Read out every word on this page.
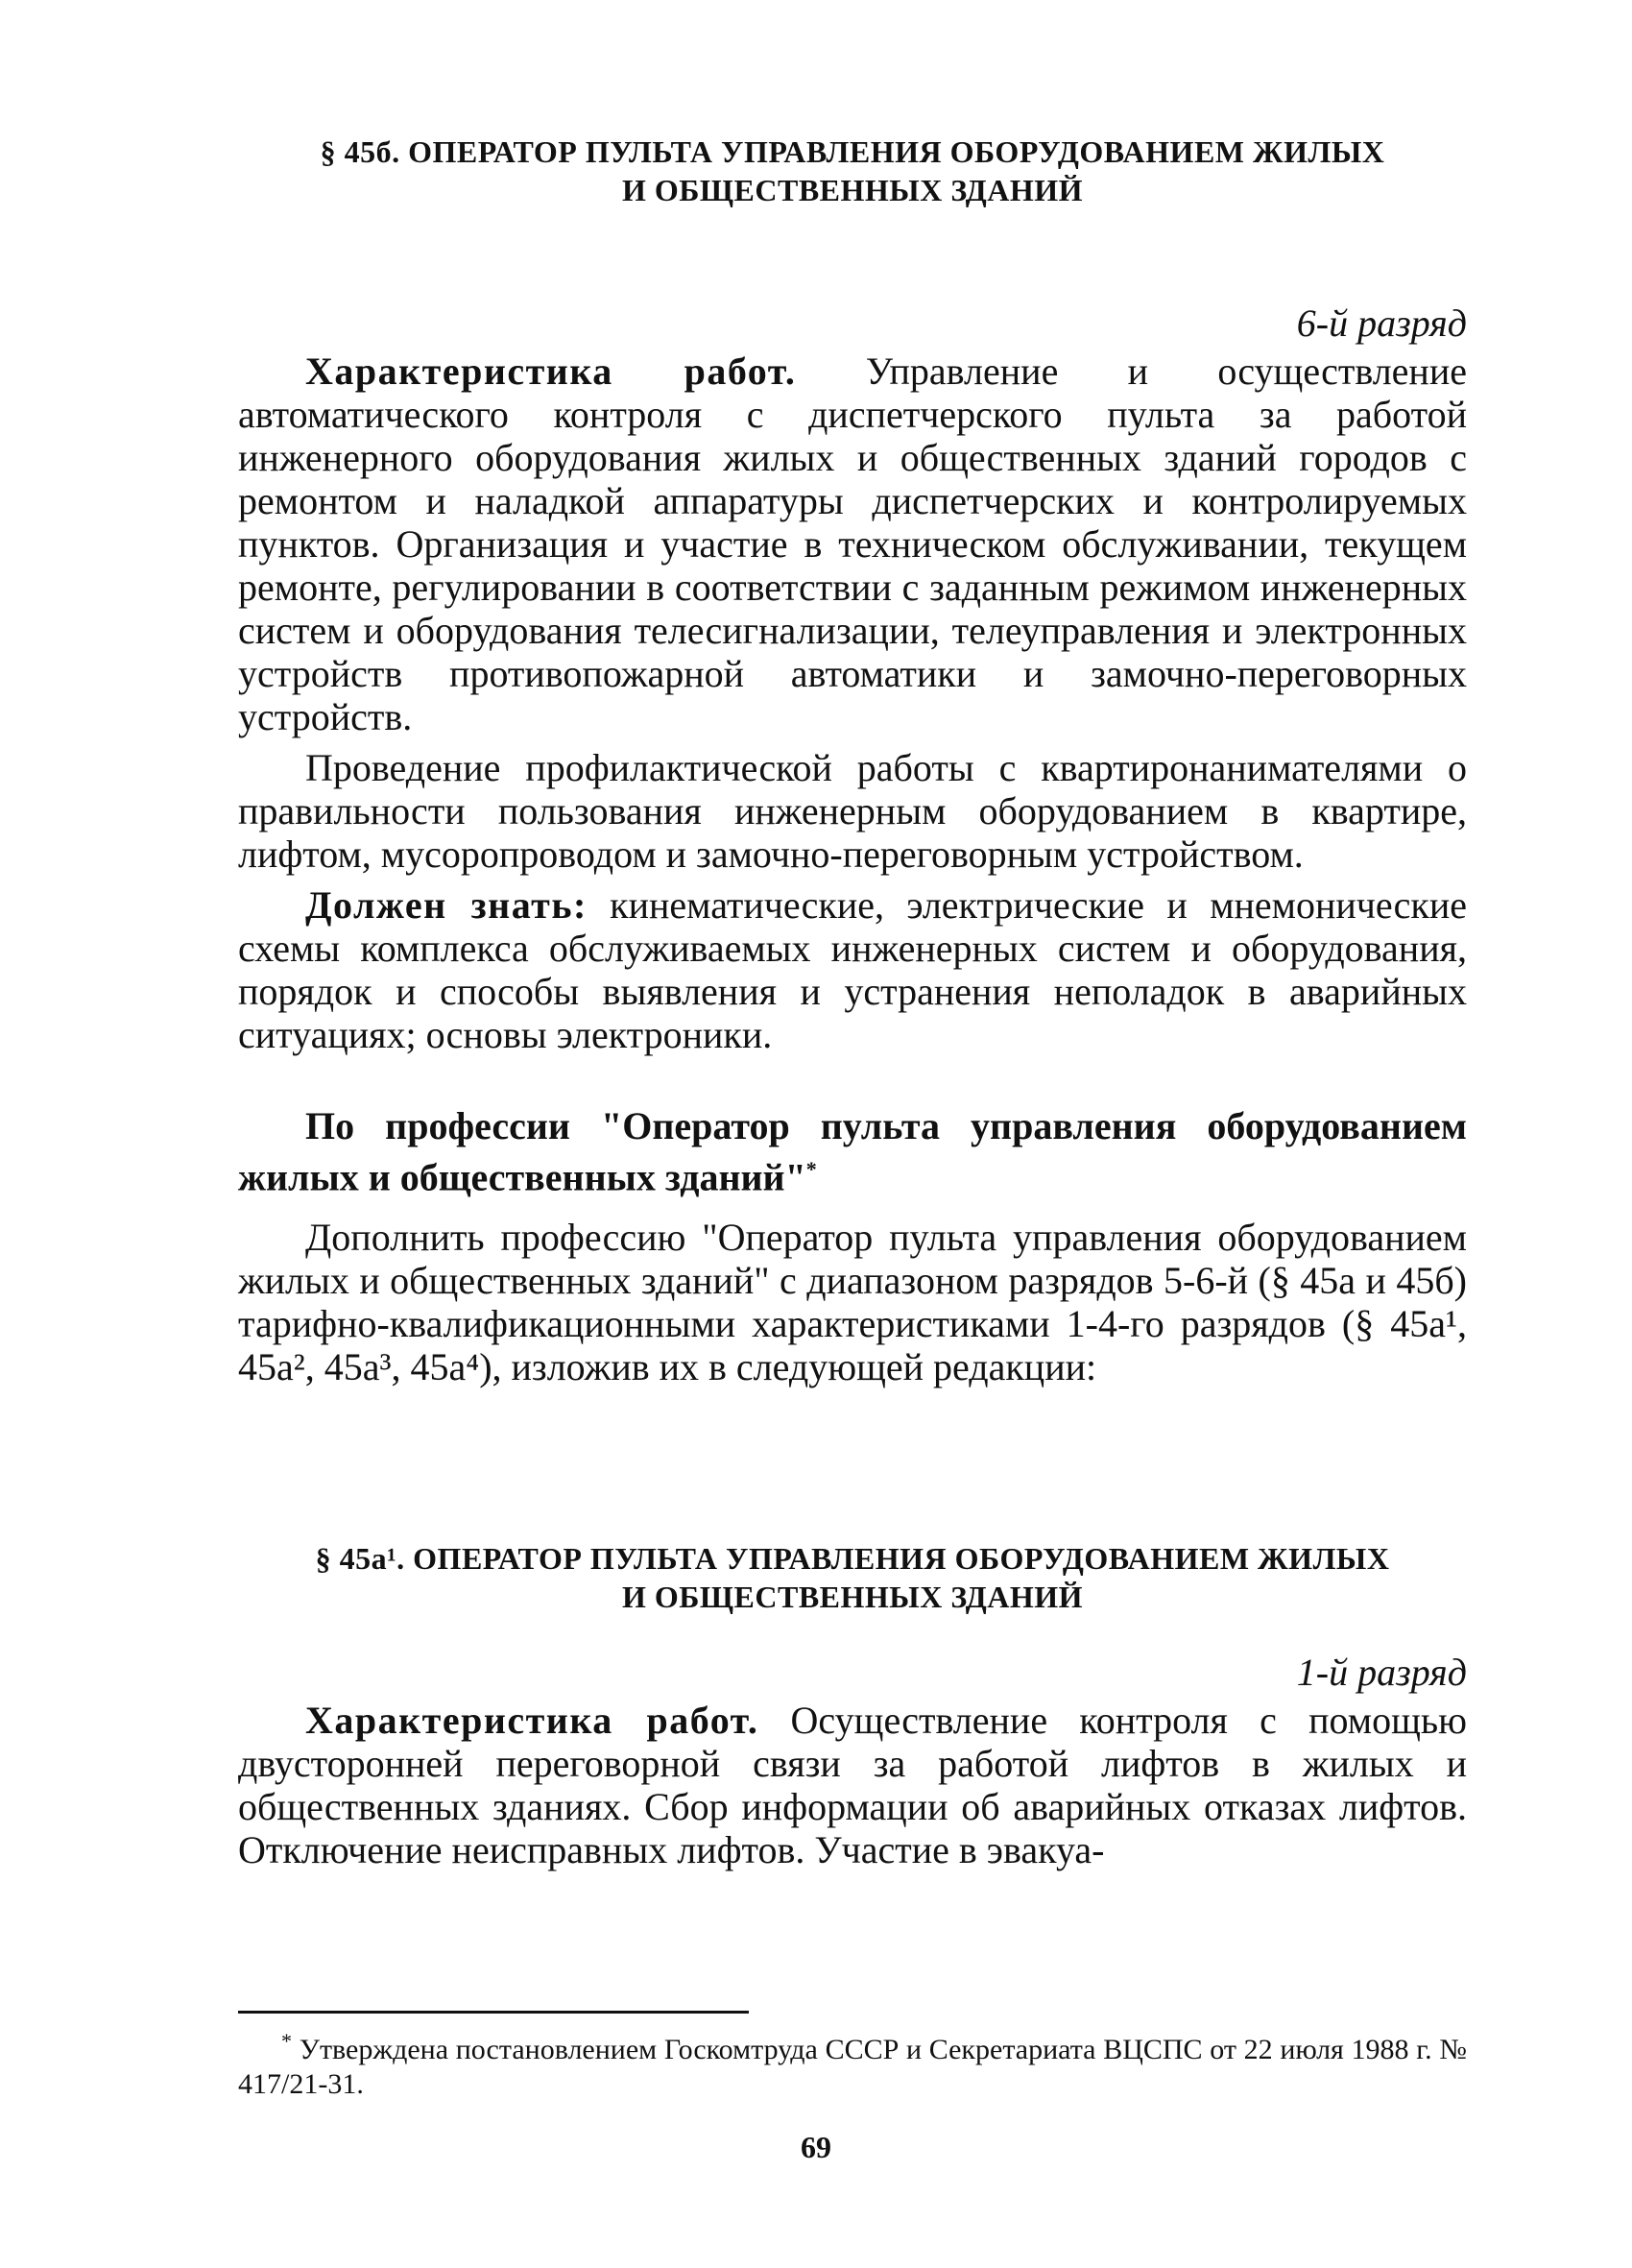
§ 45б. ОПЕРАТОР ПУЛЬТА УПРАВЛЕНИЯ ОБОРУДОВАНИЕМ ЖИЛЫХ
И ОБЩЕСТВЕННЫХ ЗДАНИЙ
6-й разряд

Характеристика работ. Управление и осуществление автоматического контроля с диспетчерского пульта за работой инженерного оборудования жилых и общественных зданий городов с ремонтом и наладкой аппаратуры диспетчерских и контролируемых пунктов. Организация и участие в техническом обслуживании, текущем ремонте, регулировании в соответствии с заданным режимом инженерных систем и оборудования телесигнализации, телеуправления и электронных устройств противопожарной автоматики и замочно-переговорных устройств.

Проведение профилактической работы с квартиронанимателями о правильности пользования инженерным оборудованием в квартире, лифтом, мусоропроводом и замочно-переговорным устройством.

Должен знать: кинематические, электрические и мнемонические схемы комплекса обслуживаемых инженерных систем и оборудования, порядок и способы выявления и устранения неполадок в аварийных ситуациях; основы электроники.

По профессии "Оператор пульта управления оборудованием жилых и общественных зданий"*

Дополнить профессию "Оператор пульта управления оборудованием жилых и общественных зданий" с диапазоном разрядов 5-6-й (§ 45а и 45б) тарифно-квалификационными характеристиками 1-4-го разрядов (§ 45а¹, 45а², 45а³, 45а⁴), изложив их в следующей редакции:

§ 45а¹. ОПЕРАТОР ПУЛЬТА УПРАВЛЕНИЯ ОБОРУДОВАНИЕМ ЖИЛЫХ
И ОБЩЕСТВЕННЫХ ЗДАНИЙ
1-й разряд

Характеристика работ. Осуществление контроля с помощью двусторонней переговорной связи за работой лифтов в жилых и общественных зданиях. Сбор информации об аварийных отказах лифтов. Отключение неисправных лифтов. Участие в эвакуа-

* Утверждена постановлением Госкомтруда СССР и Секретариата ВЦСПС от 22 июля 1988 г. № 417/21-31.
69
